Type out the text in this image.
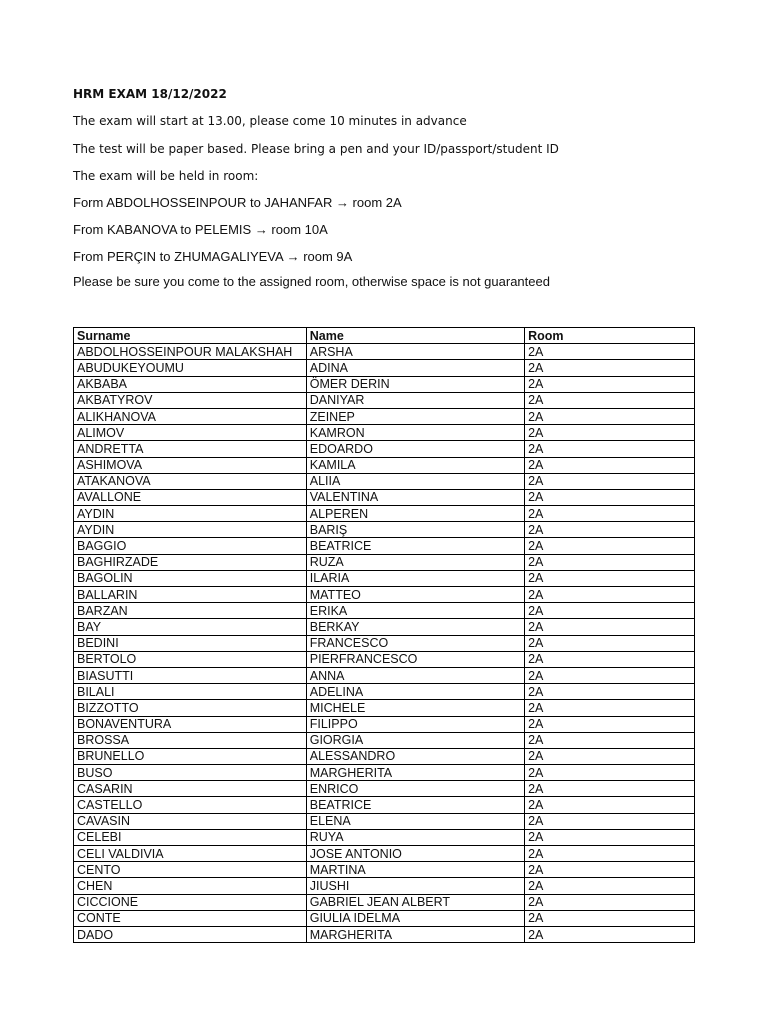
HRM EXAM 18/12/2022
The exam will start at 13.00, please come 10 minutes in advance
The test will be paper based. Please bring a pen and your ID/passport/student ID
The exam will be held in room:
Form ABDOLHOSSEINPOUR to JAHANFAR → room 2A
From KABANOVA to PELEMIS → room 10A
From PERÇIN to ZHUMAGALIYEVA → room 9A
Please be sure you come to the assigned room, otherwise space is not guaranteed
Surname	Name	Room
ABDOLHOSSEINPOUR MALAKSHAH	ARSHA	2A
ABUDUKEYOUMU	ADINA	2A
AKBABA	ÖMER DERIN	2A
AKBATYROV	DANIYAR	2A
ALIKHANOVA	ZEINEP	2A
ALIMOV	KAMRON	2A
ANDRETTA	EDOARDO	2A
ASHIMOVA	KAMILA	2A
ATAKANOVA	ALIIA	2A
AVALLONE	VALENTINA	2A
AYDIN	ALPEREN	2A
AYDIN	BARIŞ	2A
BAGGIO	BEATRICE	2A
BAGHIRZADE	RUZA	2A
BAGOLIN	ILARIA	2A
BALLARIN	MATTEO	2A
BARZAN	ERIKA	2A
BAY	BERKAY	2A
BEDINI	FRANCESCO	2A
BERTOLO	PIERFRANCESCO	2A
BIASUTTI	ANNA	2A
BILALI	ADELINA	2A
BIZZOTTO	MICHELE	2A
BONAVENTURA	FILIPPO	2A
BROSSA	GIORGIA	2A
BRUNELLO	ALESSANDRO	2A
BUSO	MARGHERITA	2A
CASARIN	ENRICO	2A
CASTELLO	BEATRICE	2A
CAVASIN	ELENA	2A
CELEBI	RUYA	2A
CELI VALDIVIA	JOSE ANTONIO	2A
CENTO	MARTINA	2A
CHEN	JIUSHI	2A
CICCIONE	GABRIEL JEAN ALBERT	2A
CONTE	GIULIA IDELMA	2A
DADO	MARGHERITA	2A
